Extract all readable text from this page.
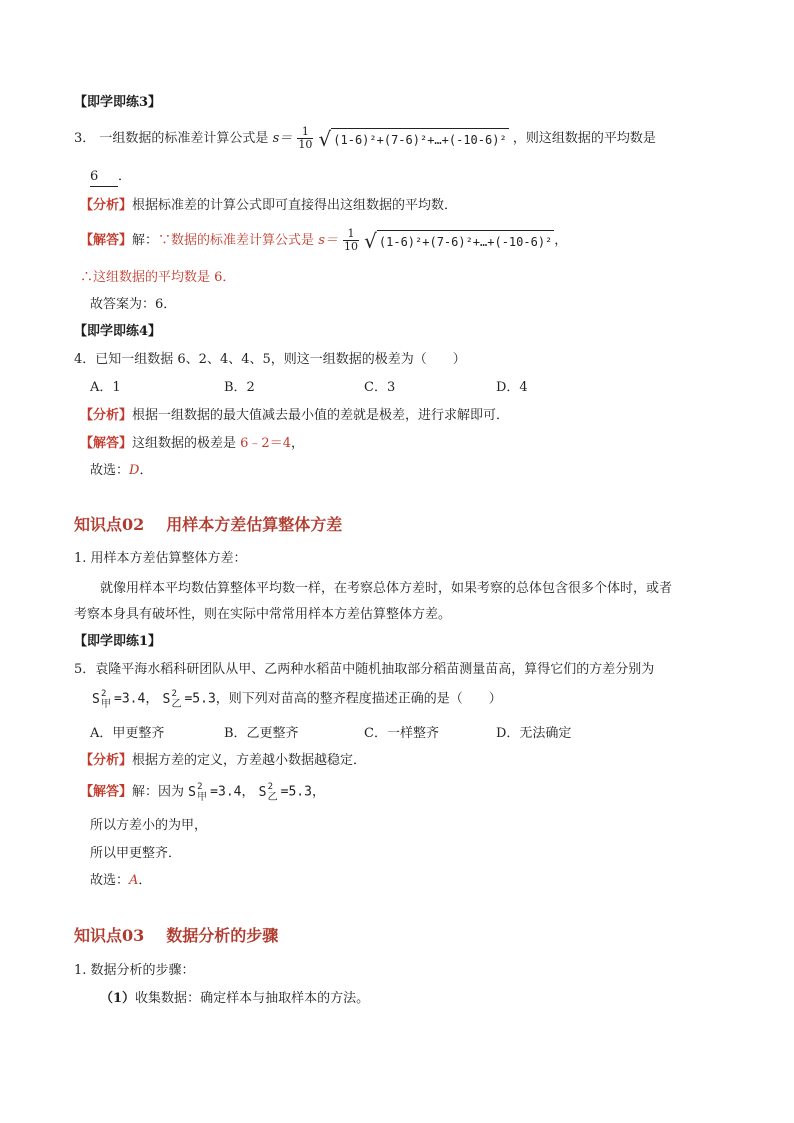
【即学即练3】
3． 一组数据的标准差计算公式是 $s= \frac{1}{10}$
√ (1-6)²+(7-6)²+…+(-10-6)² ，则这组数据的平均数是
6 ．
【分析】根据标准差的计算公式即可直接得出这组数据的平均数．
【解答】解：∵数据的标准差计算公式是 $s= \frac{1}{10}$
√ (1-6)²+(7-6)²+…+(-10-6)² ，
∴这组数据的平均数是 6．
故答案为：6．
【即学即练4】
4．已知一组数据 6、2、4、4、5，则这一组数据的极差为（　　）
A．1	B．2	C．3	D．4
【分析】根据一组数据的最大值减去最小值的差就是极差，进行求解即可．
【解答】这组数据的极差是 6﹣2＝4，
故选：D．
知识点02 用样本方差估算整体方差
1. 用样本方差估算整体方差：
就像用样本平均数估算整体平均数一样，在考察总体方差时，如果考察的总体包含很多个体时，或者
考察本身具有破坏性，则在实际中常常用样本方差估算整体方差。
【即学即练1】
5．袁隆平海水稻科研团队从甲、乙两种水稻苗中随机抽取部分稻苗测量苗高，算得它们的方差分别为
S 2
甲 =3.4， S 2
乙 =5.3，则下列对苗高的整齐程度描述正确的是（　　）
A．甲更整齐	B．乙更整齐	C．一样整齐	D．无法确定
【分析】根据方差的定义，方差越小数据越稳定．
【解答】解：因为 S 2
甲 =3.4， S 2
乙 =5.3，
所以方差小的为甲，
所以甲更整齐．
故选：A．
知识点03 数据分析的步骤
1. 数据分析的步骤：
（1）收集数据：确定样本与抽取样本的方法。
